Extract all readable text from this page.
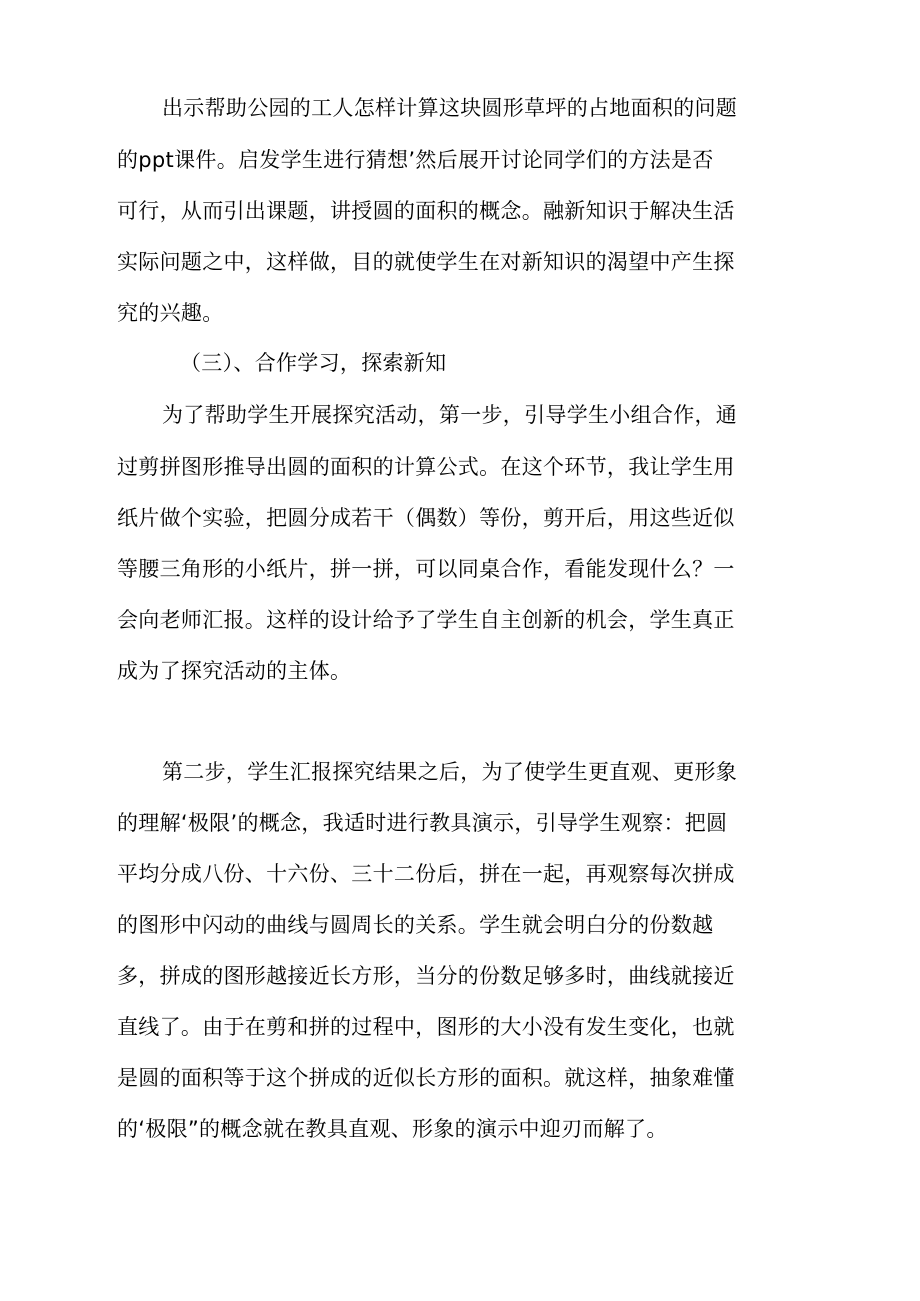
出示帮助公园的工人怎样计算这块圆形草坪的占地面积的问题
的ppt课件。启发学生进行猜想’然后展开讨论同学们的方法是否
可行，从而引出课题，讲授圆的面积的概念。融新知识于解决生活
实际问题之中，这样做，目的就使学生在对新知识的渴望中产生探
究的兴趣。
（三）、合作学习，探索新知
为了帮助学生开展探究活动，第一步，引导学生小组合作，通
过剪拼图形推导出圆的面积的计算公式。在这个环节，我让学生用
纸片做个实验，把圆分成若干（偶数）等份，剪开后，用这些近似
等腰三角形的小纸片，拼一拼，可以同桌合作，看能发现什么？一
会向老师汇报。这样的设计给予了学生自主创新的机会，学生真正
成为了探究活动的主体。
第二步，学生汇报探究结果之后，为了使学生更直观、更形象
的理解‘极限’的概念，我适时进行教具演示，引导学生观察：把圆
平均分成八份、十六份、三十二份后，拼在一起，再观察每次拼成
的图形中闪动的曲线与圆周长的关系。学生就会明白分的份数越
多，拼成的图形越接近长方形，当分的份数足够多时，曲线就接近
直线了。由于在剪和拼的过程中，图形的大小没有发生变化，也就
是圆的面积等于这个拼成的近似长方形的面积。就这样，抽象难懂
的‘极限”的概念就在教具直观、形象的演示中迎刃而解了。
